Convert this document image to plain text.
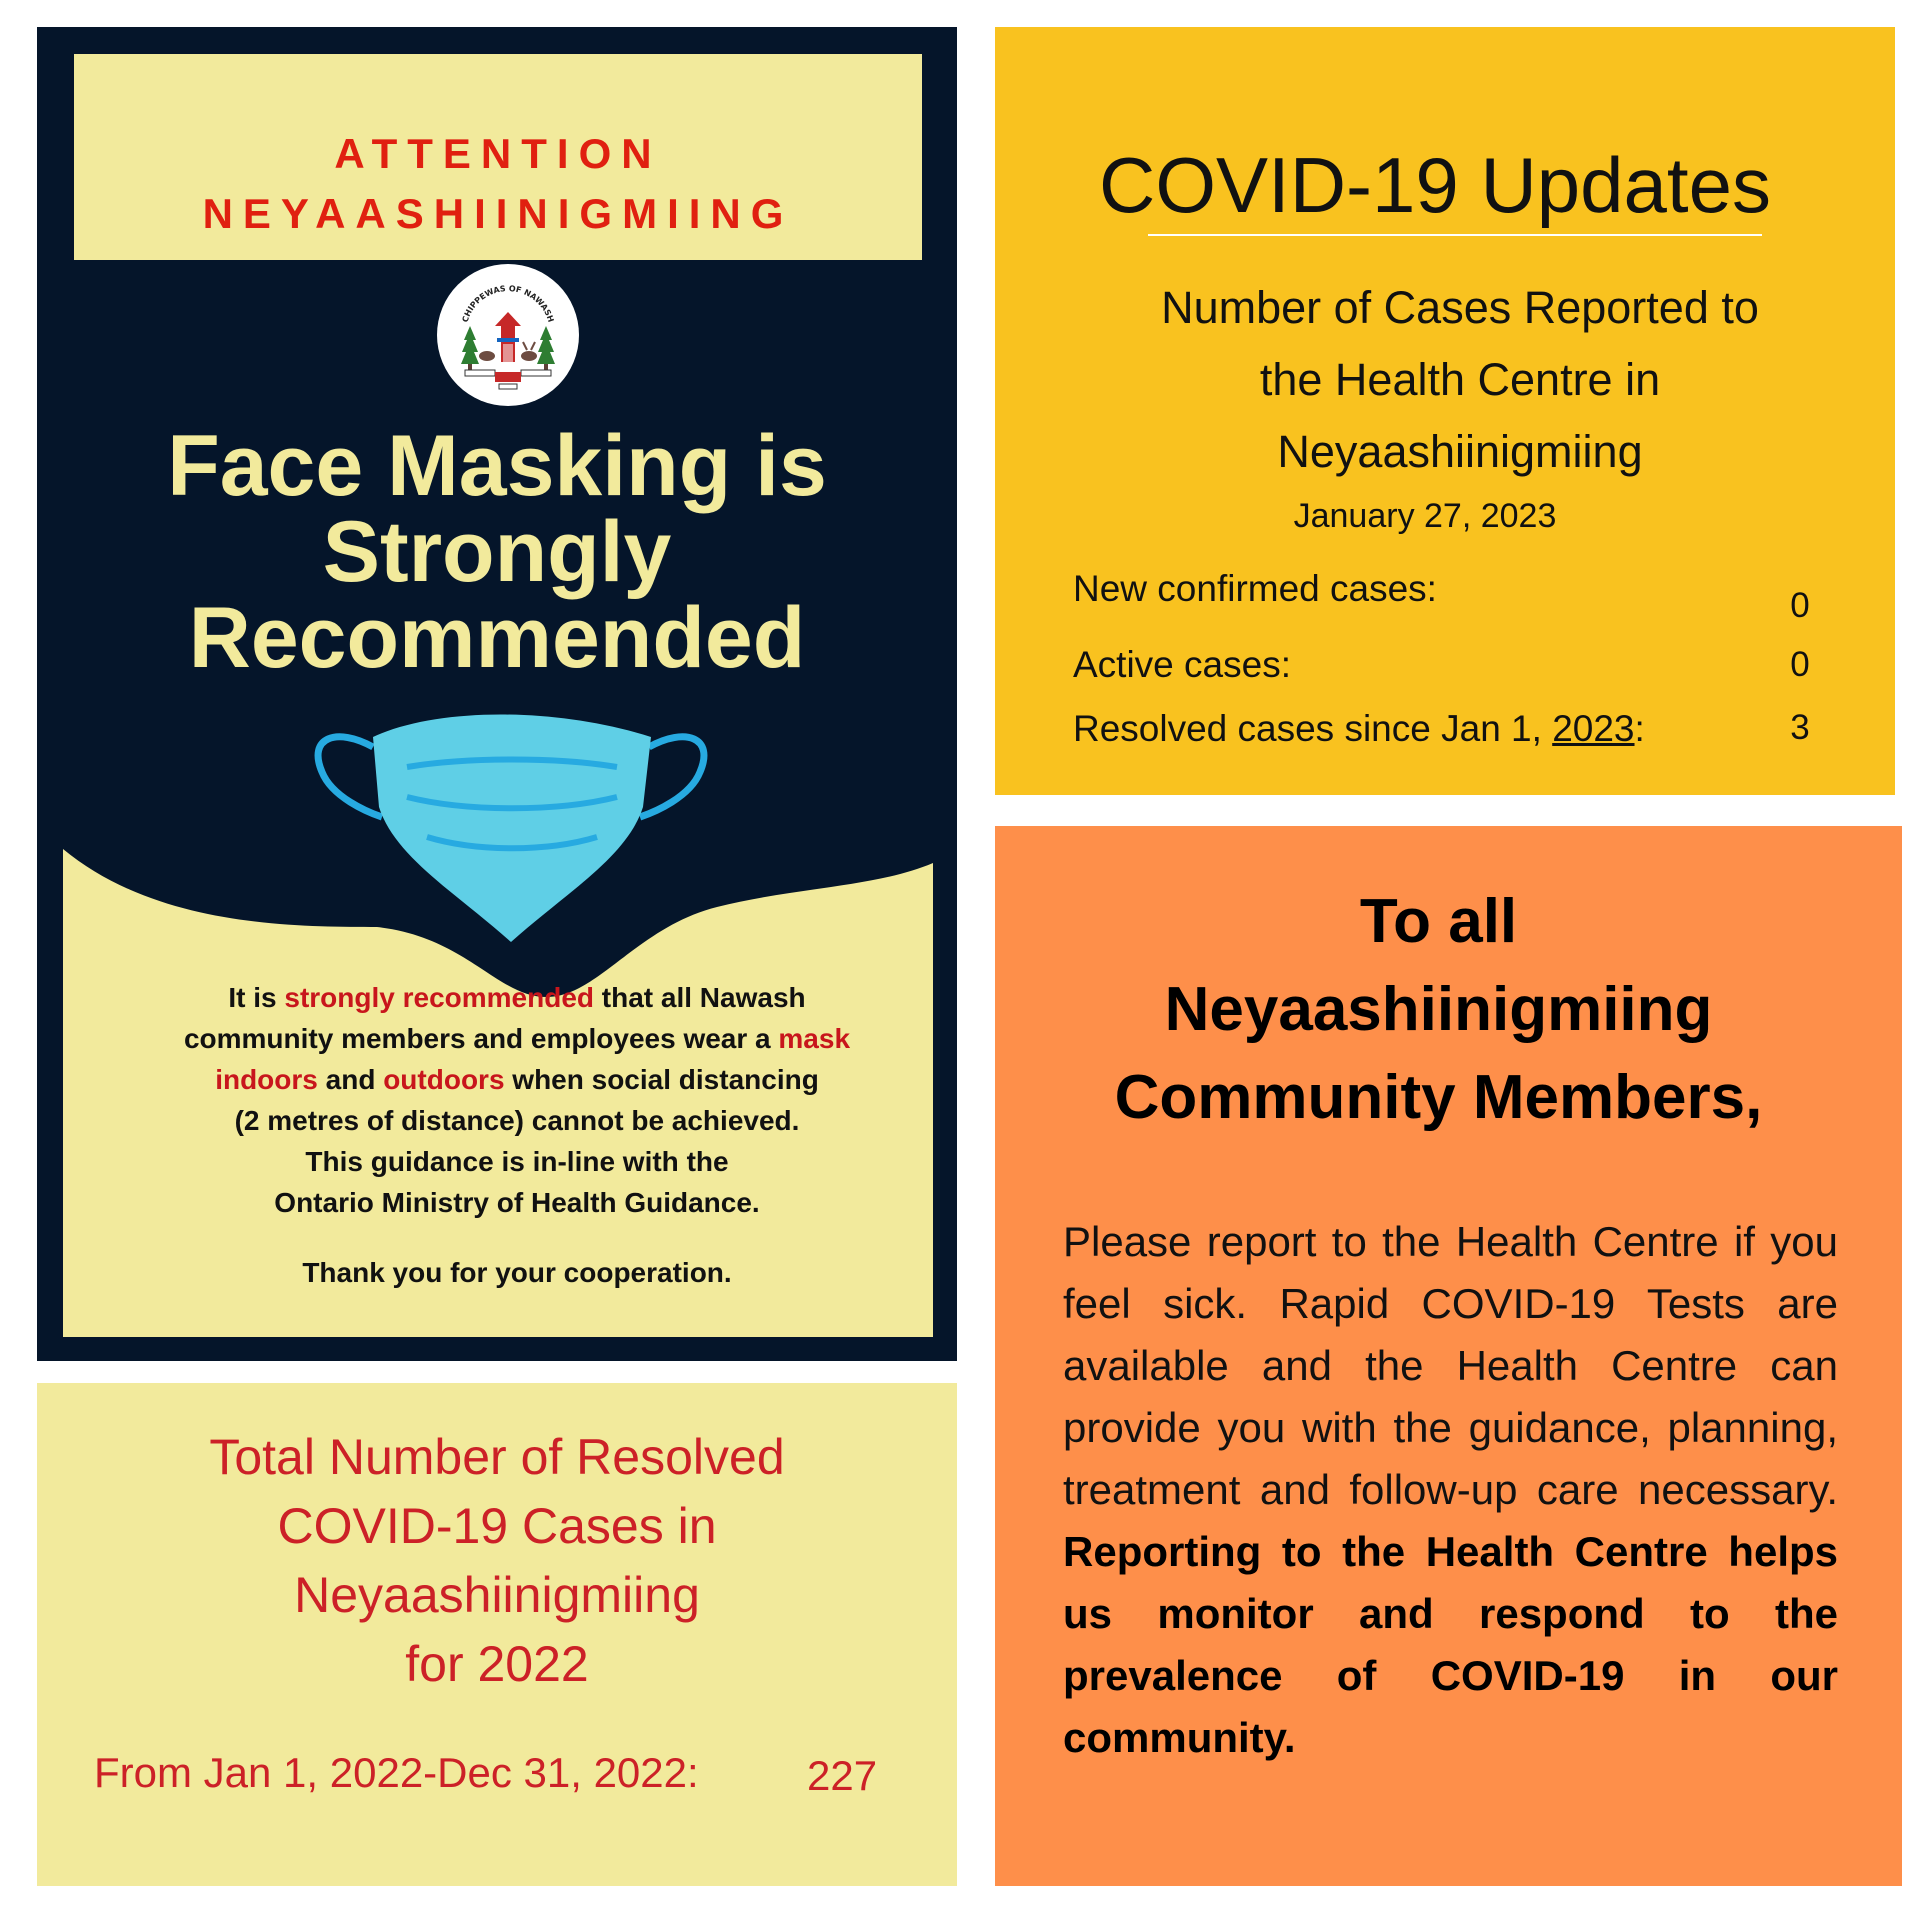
ATTENTION
NEYAASHIINIGMIING
CHIPPEWAS OF NAWASH
Face Masking is
Strongly
Recommended
It is strongly recommended that all Nawash
community members and employees wear a mask
indoors and outdoors when social distancing
(2 metres of distance) cannot be achieved.
This guidance is in-line with the
Ontario Ministry of Health Guidance.
Thank you for your cooperation.
Total Number of Resolved
COVID-19 Cases in
Neyaashiinigmiing
for 2022
From Jan 1, 2022-Dec 31, 2022:	227
COVID-19 Updates
Number of Cases Reported to
the Health Centre in
Neyaashiinigmiing
January 27, 2023
New confirmed cases:	0
Active cases:	0
Resolved cases since Jan 1, 2023:	3
To all
Neyaashiinigmiing
Community Members,
Please report to the Health Centre if you feel sick. Rapid COVID-19 Tests are available and the Health Centre can provide you with the guidance, planning, treatment and follow-up care necessary. Reporting to the Health Centre helps us monitor and respond to the prevalence of COVID-19 in our community.
